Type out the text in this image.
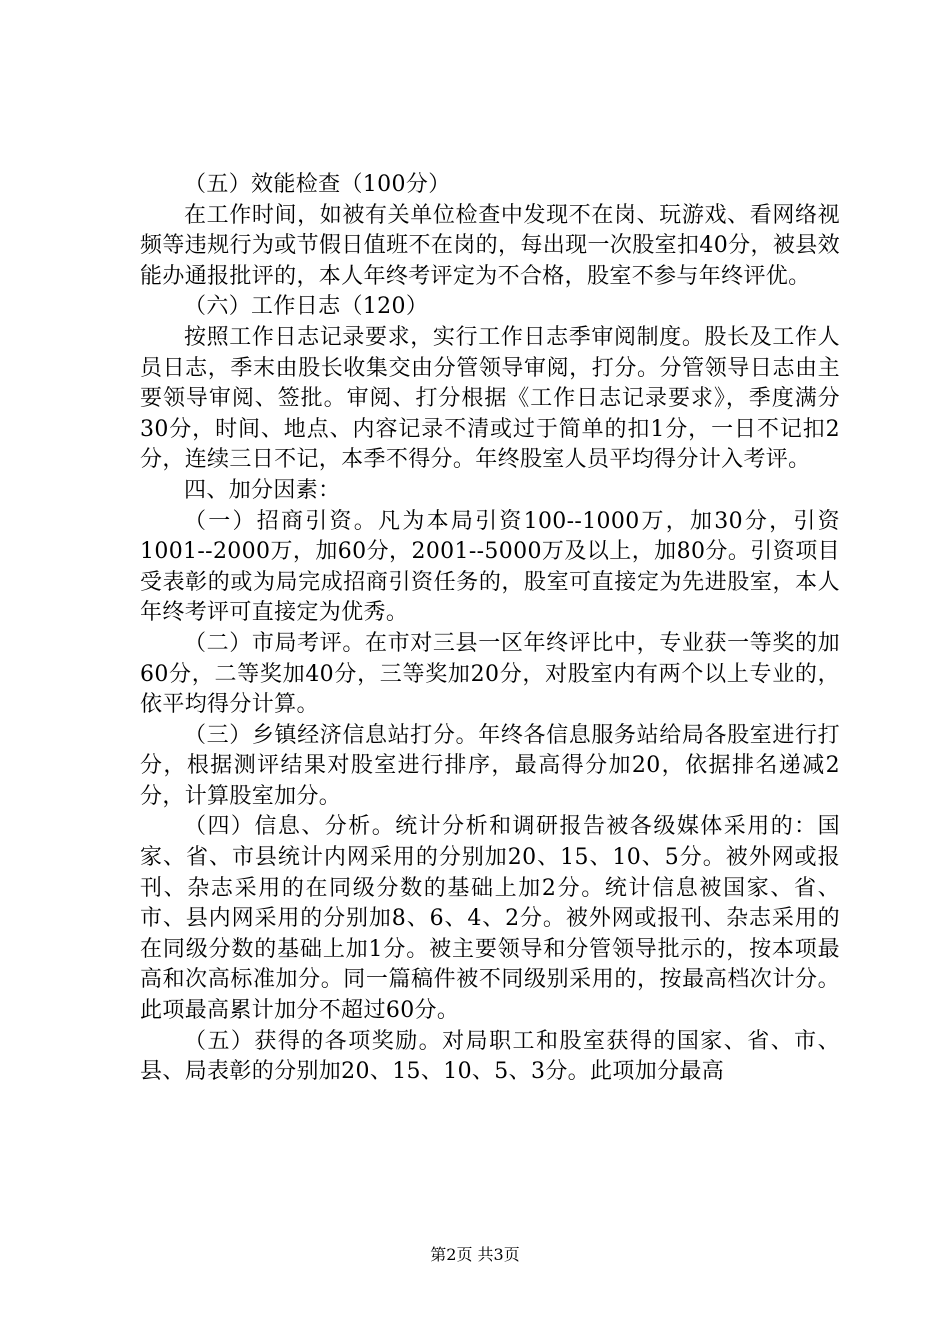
（五）效能检查（100分）

在工作时间，如被有关单位检查中发现不在岗、玩游戏、看网络视频等违规行为或节假日值班不在岗的，每出现一次股室扣40分，被县效能办通报批评的，本人年终考评定为不合格，股室不参与年终评优。

（六）工作日志（120）

按照工作日志记录要求，实行工作日志季审阅制度。股长及工作人员日志，季末由股长收集交由分管领导审阅，打分。分管领导日志由主要领导审阅、签批。审阅、打分根据《工作日志记录要求》，季度满分30分，时间、地点、内容记录不清或过于简单的扣1分，一日不记扣2分，连续三日不记，本季不得分。年终股室人员平均得分计入考评。

四、加分因素：

（一）招商引资。凡为本局引资100--1000万，加30分，引资1001--2000万，加60分，2001--5000万及以上，加80分。引资项目受表彰的或为局完成招商引资任务的，股室可直接定为先进股室，本人年终考评可直接定为优秀。

（二）市局考评。在市对三县一区年终评比中，专业获一等奖的加60分，二等奖加40分，三等奖加20分，对股室内有两个以上专业的，依平均得分计算。

（三）乡镇经济信息站打分。年终各信息服务站给局各股室进行打分，根据测评结果对股室进行排序，最高得分加20，依据排名递减2分，计算股室加分。

（四）信息、分析。统计分析和调研报告被各级媒体采用的：国家、省、市县统计内网采用的分别加20、15、10、5分。被外网或报刊、杂志采用的在同级分数的基础上加2分。统计信息被国家、省、市、县内网采用的分别加8、6、4、2分。被外网或报刊、杂志采用的在同级分数的基础上加1分。被主要领导和分管领导批示的，按本项最高和次高标准加分。同一篇稿件被不同级别采用的，按最高档次计分。此项最高累计加分不超过60分。

（五）获得的各项奖励。对局职工和股室获得的国家、省、市、县、局表彰的分别加20、15、10、5、3分。此项加分最高

第2页 共3页
